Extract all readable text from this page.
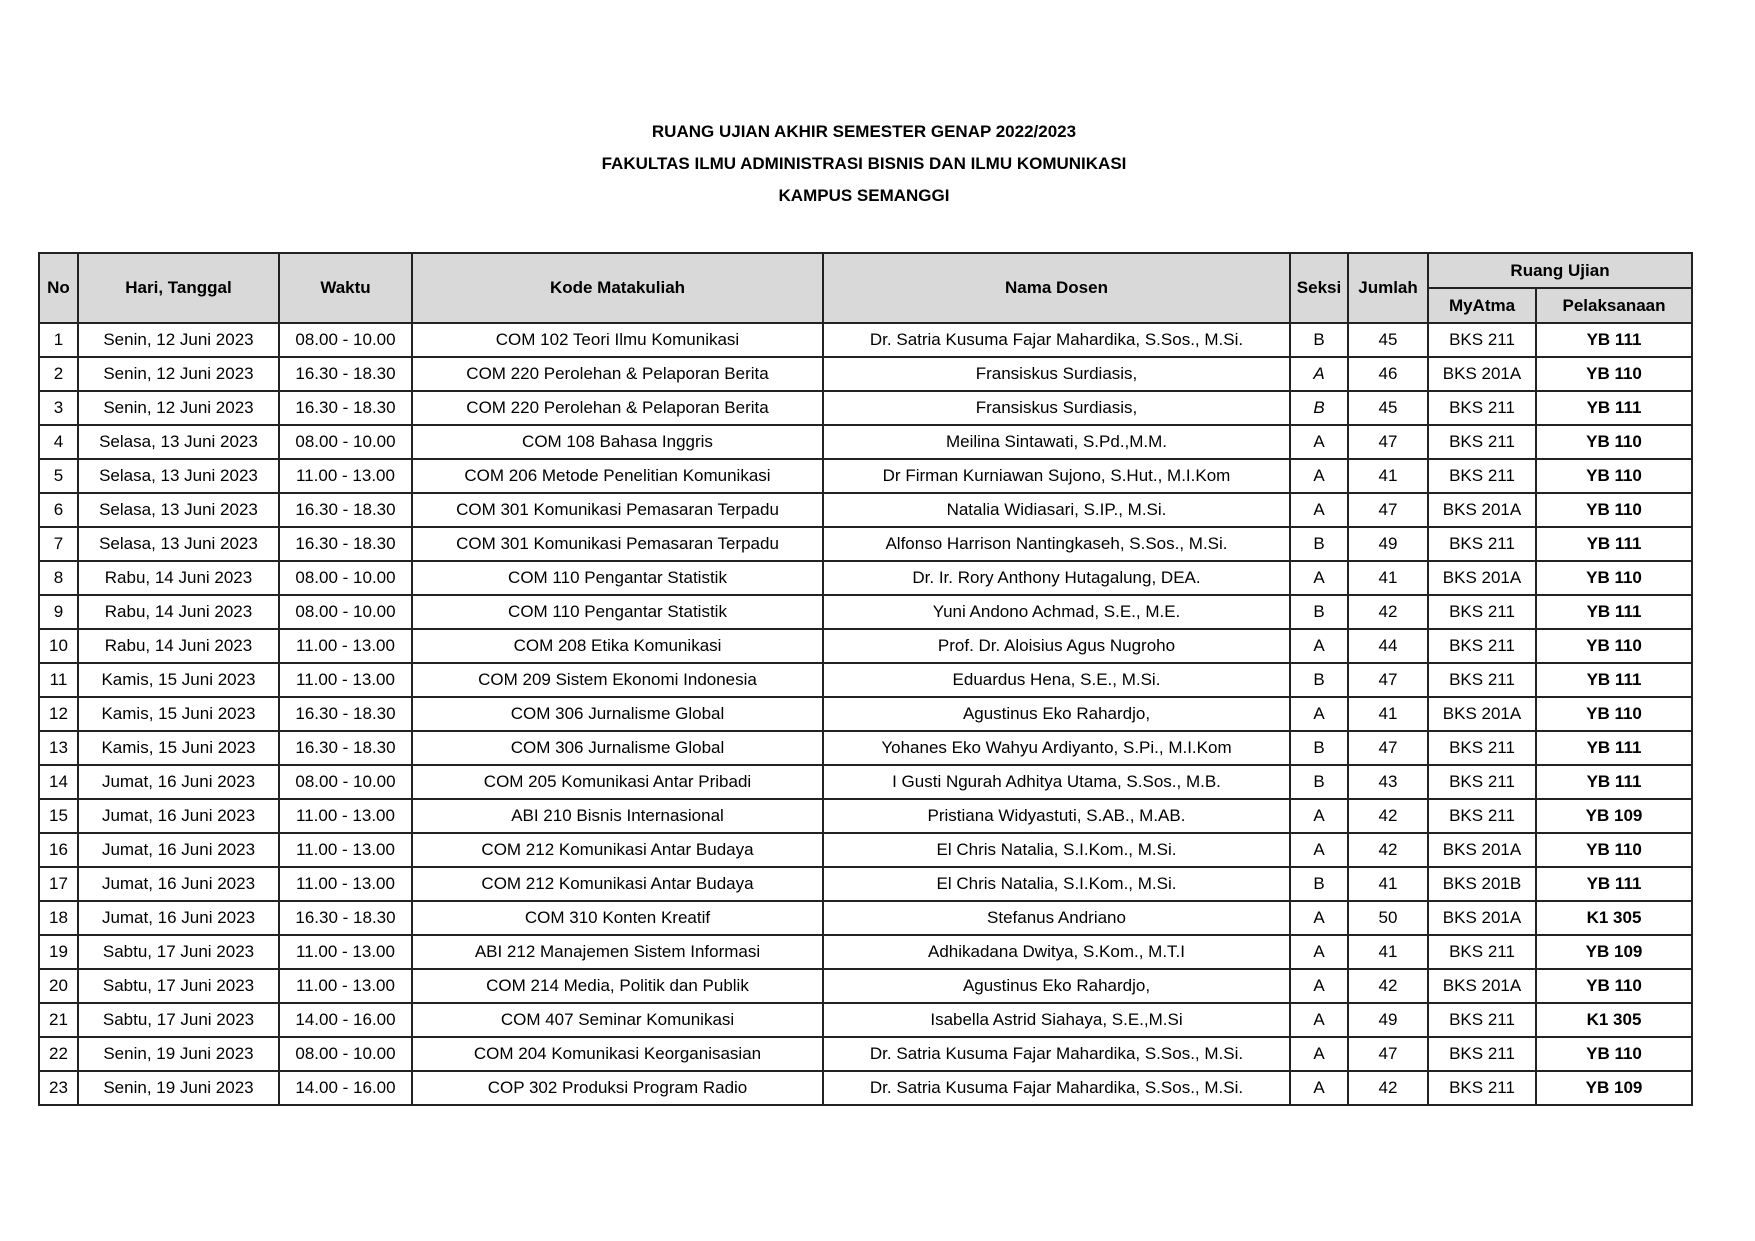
RUANG UJIAN AKHIR SEMESTER GENAP 2022/2023
FAKULTAS ILMU ADMINISTRASI BISNIS DAN ILMU KOMUNIKASI
KAMPUS SEMANGGI
No	Hari, Tanggal	Waktu	Kode Matakuliah	Nama Dosen	Seksi	Jumlah	Ruang Ujian	
							MyAtma	Pelaksanaan
1	Senin, 12 Juni 2023	08.00 - 10.00	COM 102 Teori Ilmu Komunikasi	Dr. Satria Kusuma Fajar Mahardika, S.Sos., M.Si.	B	45	BKS 211	YB 111
2	Senin, 12 Juni 2023	16.30 - 18.30	COM 220 Perolehan & Pelaporan Berita	Fransiskus Surdiasis,	A	46	BKS 201A	YB 110
3	Senin, 12 Juni 2023	16.30 - 18.30	COM 220 Perolehan & Pelaporan Berita	Fransiskus Surdiasis,	B	45	BKS 211	YB 111
4	Selasa, 13 Juni 2023	08.00 - 10.00	COM 108 Bahasa Inggris	Meilina Sintawati, S.Pd.,M.M.	A	47	BKS 211	YB 110
5	Selasa, 13 Juni 2023	11.00 - 13.00	COM 206 Metode Penelitian Komunikasi	Dr Firman Kurniawan Sujono, S.Hut., M.I.Kom	A	41	BKS 211	YB 110
6	Selasa, 13 Juni 2023	16.30 - 18.30	COM 301 Komunikasi Pemasaran Terpadu	Natalia Widiasari, S.IP., M.Si.	A	47	BKS 201A	YB 110
7	Selasa, 13 Juni 2023	16.30 - 18.30	COM 301 Komunikasi Pemasaran Terpadu	Alfonso Harrison Nantingkaseh, S.Sos., M.Si.	B	49	BKS 211	YB 111
8	Rabu, 14 Juni 2023	08.00 - 10.00	COM 110 Pengantar Statistik	Dr. Ir. Rory Anthony Hutagalung, DEA.	A	41	BKS 201A	YB 110
9	Rabu, 14 Juni 2023	08.00 - 10.00	COM 110 Pengantar Statistik	Yuni Andono Achmad, S.E., M.E.	B	42	BKS 211	YB 111
10	Rabu, 14 Juni 2023	11.00 - 13.00	COM 208 Etika Komunikasi	Prof. Dr. Aloisius Agus Nugroho	A	44	BKS 211	YB 110
11	Kamis, 15 Juni 2023	11.00 - 13.00	COM 209 Sistem Ekonomi Indonesia	Eduardus Hena, S.E., M.Si.	B	47	BKS 211	YB 111
12	Kamis, 15 Juni 2023	16.30 - 18.30	COM 306 Jurnalisme Global	Agustinus Eko Rahardjo,	A	41	BKS 201A	YB 110
13	Kamis, 15 Juni 2023	16.30 - 18.30	COM 306 Jurnalisme Global	Yohanes Eko Wahyu Ardiyanto, S.Pi., M.I.Kom	B	47	BKS 211	YB 111
14	Jumat, 16 Juni 2023	08.00 - 10.00	COM 205 Komunikasi Antar Pribadi	I Gusti Ngurah Adhitya Utama, S.Sos., M.B.	B	43	BKS 211	YB 111
15	Jumat, 16 Juni 2023	11.00 - 13.00	ABI 210 Bisnis Internasional	Pristiana Widyastuti, S.AB., M.AB.	A	42	BKS 211	YB 109
16	Jumat, 16 Juni 2023	11.00 - 13.00	COM 212 Komunikasi Antar Budaya	El Chris Natalia, S.I.Kom., M.Si.	A	42	BKS 201A	YB 110
17	Jumat, 16 Juni 2023	11.00 - 13.00	COM 212 Komunikasi Antar Budaya	El Chris Natalia, S.I.Kom., M.Si.	B	41	BKS 201B	YB 111
18	Jumat, 16 Juni 2023	16.30 - 18.30	COM 310 Konten Kreatif	Stefanus Andriano	A	50	BKS 201A	K1 305
19	Sabtu, 17 Juni 2023	11.00 - 13.00	ABI 212 Manajemen Sistem Informasi	Adhikadana Dwitya, S.Kom., M.T.I	A	41	BKS 211	YB 109
20	Sabtu, 17 Juni 2023	11.00 - 13.00	COM 214 Media, Politik dan Publik	Agustinus Eko Rahardjo,	A	42	BKS 201A	YB 110
21	Sabtu, 17 Juni 2023	14.00 - 16.00	COM 407 Seminar Komunikasi	Isabella Astrid Siahaya, S.E.,M.Si	A	49	BKS 211	K1 305
22	Senin, 19 Juni 2023	08.00 - 10.00	COM 204 Komunikasi Keorganisasian	Dr. Satria Kusuma Fajar Mahardika, S.Sos., M.Si.	A	47	BKS 211	YB 110
23	Senin, 19 Juni 2023	14.00 - 16.00	COP 302 Produksi Program Radio	Dr. Satria Kusuma Fajar Mahardika, S.Sos., M.Si.	A	42	BKS 211	YB 109
